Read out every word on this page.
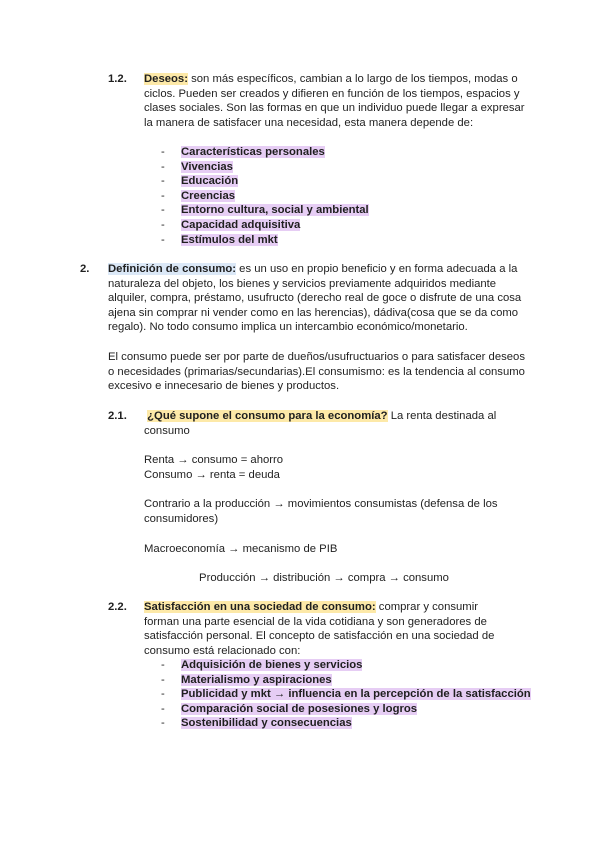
1.2. Deseos: son más específicos, cambian a lo largo de los tiempos, modas o ciclos. Pueden ser creados y difieren en función de los tiempos, espacios y clases sociales. Son las formas en que un individuo puede llegar a expresar la manera de satisfacer una necesidad, esta manera depende de:

- Características personales
- Vivencias
- Educación
- Creencias
- Entorno cultura, social y ambiental
- Capacidad adquisitiva
- Estímulos del mkt
2. Definición de consumo: es un uso en propio beneficio y en forma adecuada a la naturaleza del objeto, los bienes y servicios previamente adquiridos mediante alquiler, compra, préstamo, usufructo (derecho real de goce o disfrute de una cosa ajena sin comprar ni vender como en las herencias), dádiva(cosa que se da como regalo). No todo consumo implica un intercambio económico/monetario.

El consumo puede ser por parte de dueños/usufructuarios o para satisfacer deseos o necesidades (primarias/secundarias).El consumismo: es la tendencia al consumo excesivo e innecesario de bienes y productos.

2.1. ¿Qué supone el consumo para la economía? La renta destinada al consumo

Renta → consumo = ahorro

Consumo → renta = deuda

Contrario a la producción → movimientos consumistas (defensa de los consumidores)

Macroeconomía → mecanismo de PIB

Producción → distribución → compra → consumo

2.2. Satisfacción en una sociedad de consumo: comprar y consumir forman una parte esencial de la vida cotidiana y son generadores de satisfacción personal. El concepto de satisfacción en una sociedad de consumo está relacionado con:

- Adquisición de bienes y servicios
- Materialismo y aspiraciones
- Publicidad y mkt → influencia en la percepción de la satisfacción
- Comparación social de posesiones y logros
- Sostenibilidad y consecuencias
